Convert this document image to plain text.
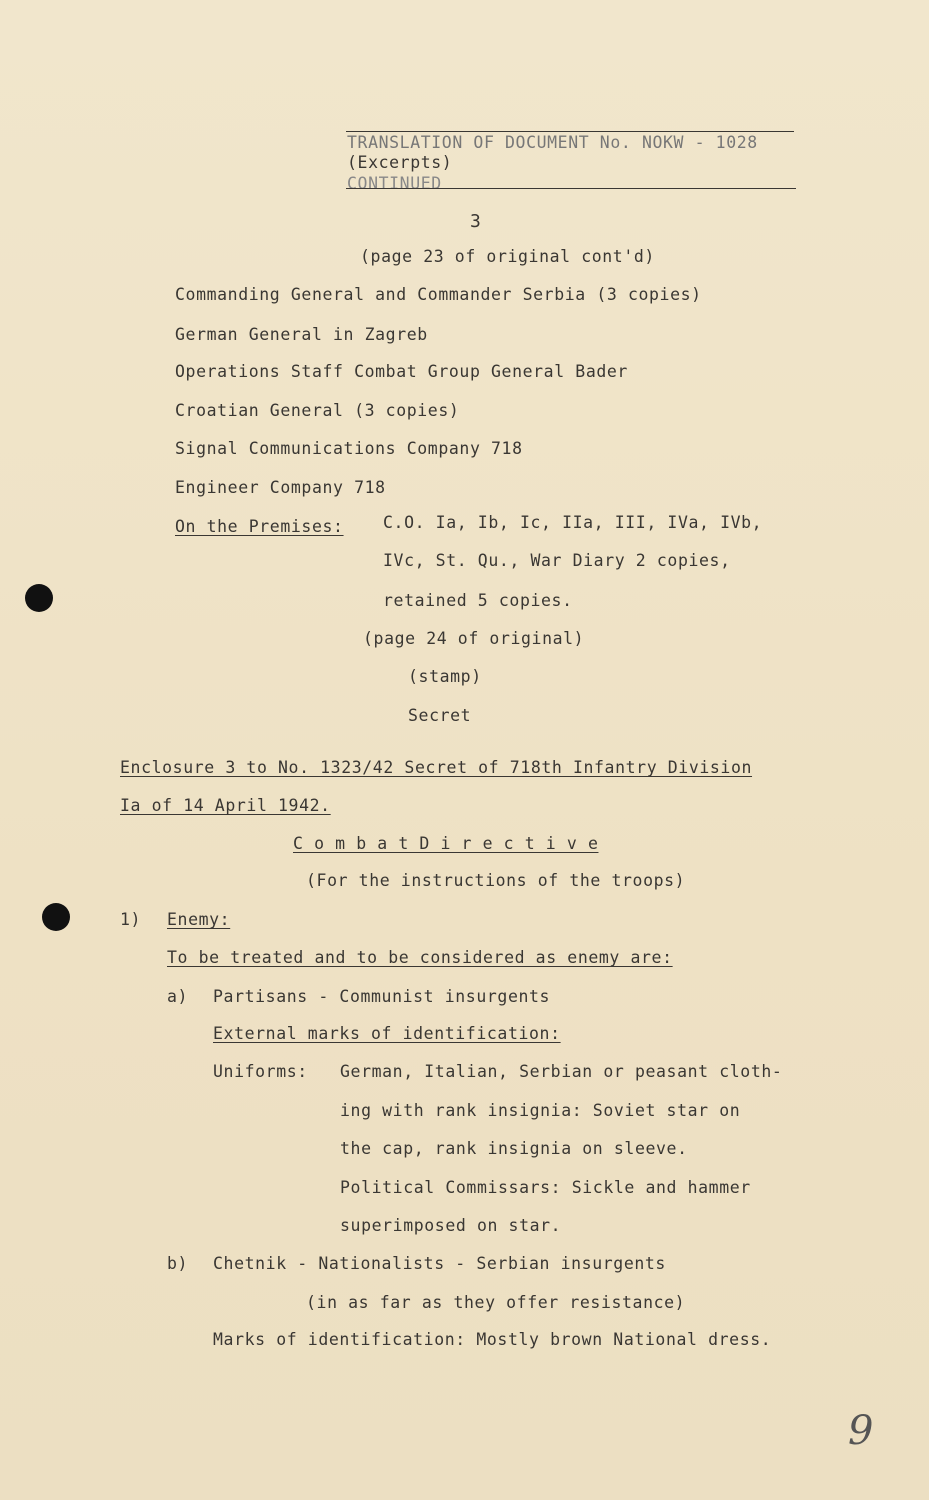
TRANSLATION OF DOCUMENT No. NOKW - 1028
(Excerpts)
CONTINUED
3
(page 23 of original cont'd)
Commanding General and Commander Serbia (3 copies)
German General in Zagreb
Operations Staff Combat Group General Bader
Croatian General (3 copies)
Signal Communications Company 718
Engineer Company 718
On the Premises: C.O. Ia, Ib, Ic, IIa, III, IVa, IVb,
IVc, St. Qu., War Diary 2 copies,
retained 5 copies.
(page 24 of original)
(stamp)
Secret
Enclosure 3 to No. 1323/42 Secret of 718th Infantry Division
Ia of 14 April 1942.
C o m b a t D i r e c t i v e
(For the instructions of the troops)
1) Enemy:
To be treated and to be considered as enemy are:
a) Partisans - Communist insurgents
External marks of identification:
Uniforms: German, Italian, Serbian or peasant cloth-
ing with rank insignia: Soviet star on
the cap, rank insignia on sleeve.
Political Commissars: Sickle and hammer
superimposed on star.
b) Chetnik - Nationalists - Serbian insurgents
(in as far as they offer resistance)
Marks of identification: Mostly brown National dress.
9
